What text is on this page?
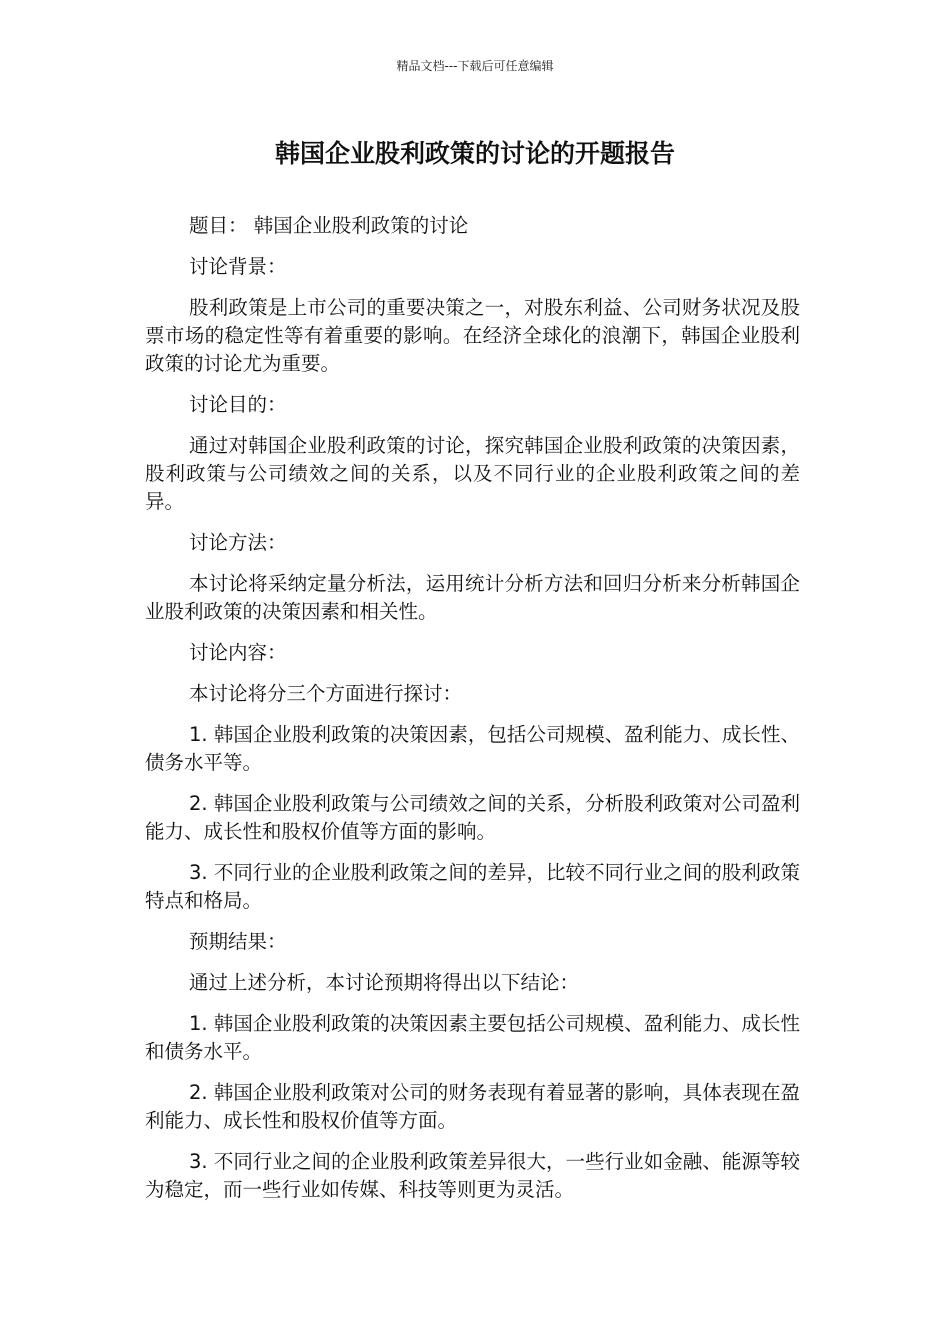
精品文档---下载后可任意编辑
韩国企业股利政策的讨论的开题报告

题目： 韩国企业股利政策的讨论

讨论背景：

股利政策是上市公司的重要决策之一，对股东利益、公司财务状况及股票市场的稳定性等有着重要的影响。在经济全球化的浪潮下，韩国企业股利政策的讨论尤为重要。

讨论目的：

通过对韩国企业股利政策的讨论，探究韩国企业股利政策的决策因素，股利政策与公司绩效之间的关系，以及不同行业的企业股利政策之间的差异。

讨论方法：

本讨论将采纳定量分析法，运用统计分析方法和回归分析来分析韩国企业股利政策的决策因素和相关性。

讨论内容：

本讨论将分三个方面进行探讨：

1. 韩国企业股利政策的决策因素，包括公司规模、盈利能力、成长性、债务水平等。

2. 韩国企业股利政策与公司绩效之间的关系，分析股利政策对公司盈利能力、成长性和股权价值等方面的影响。

3. 不同行业的企业股利政策之间的差异，比较不同行业之间的股利政策特点和格局。

预期结果：

通过上述分析，本讨论预期将得出以下结论：

1. 韩国企业股利政策的决策因素主要包括公司规模、盈利能力、成长性和债务水平。

2. 韩国企业股利政策对公司的财务表现有着显著的影响，具体表现在盈利能力、成长性和股权价值等方面。

3. 不同行业之间的企业股利政策差异很大，一些行业如金融、能源等较为稳定，而一些行业如传媒、科技等则更为灵活。
